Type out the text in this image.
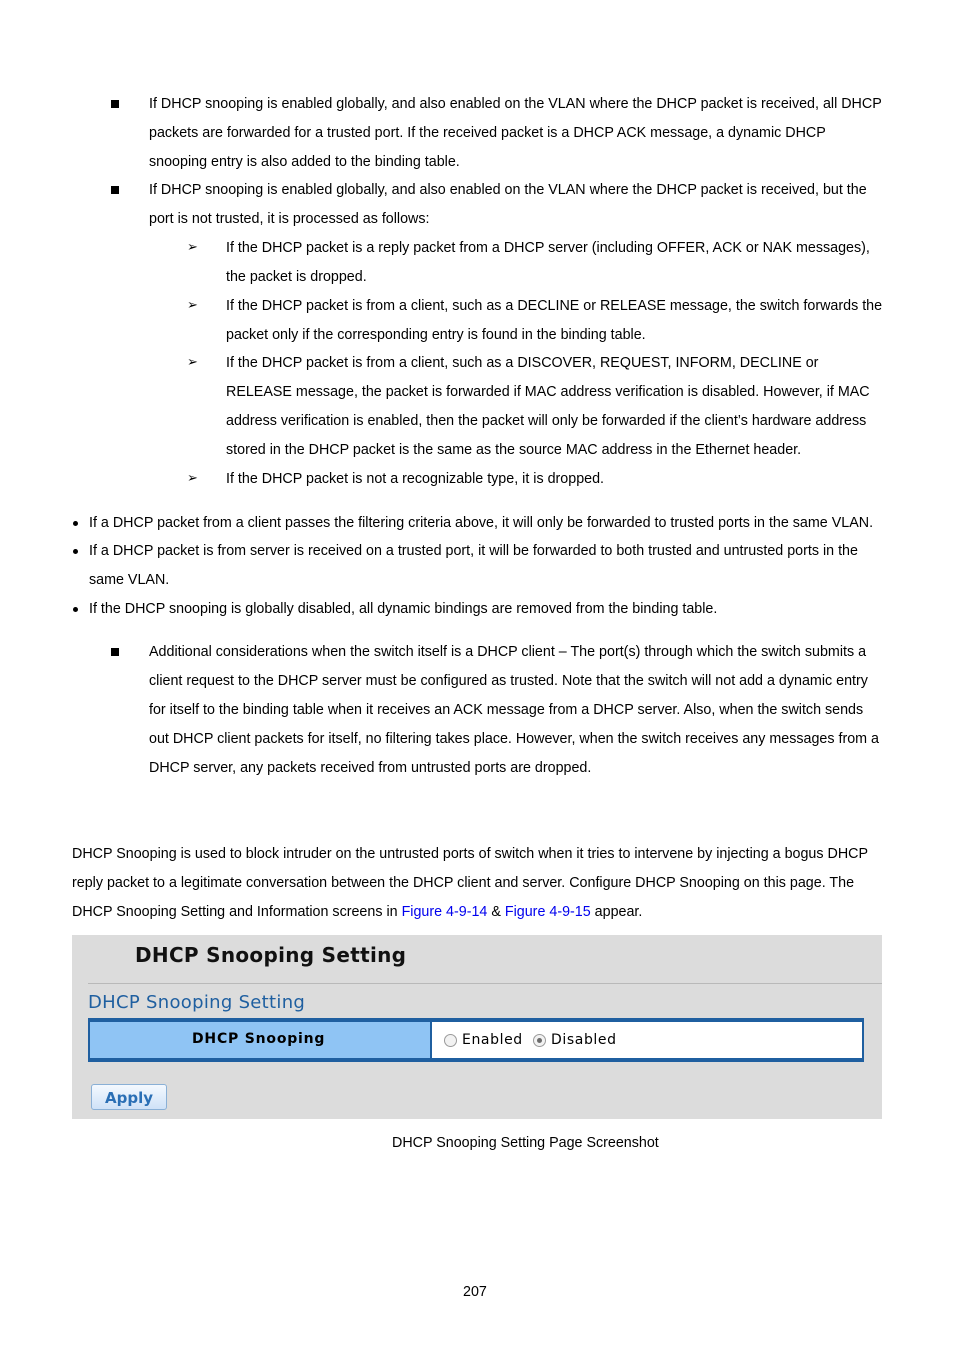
If DHCP snooping is enabled globally, and also enabled on the VLAN where the DHCP packet is received, all DHCP
packets are forwarded for a trusted port. If the received packet is a DHCP ACK message, a dynamic DHCP
snooping entry is also added to the binding table.
If DHCP snooping is enabled globally, and also enabled on the VLAN where the DHCP packet is received, but the
port is not trusted, it is processed as follows:
➢ If the DHCP packet is a reply packet from a DHCP server (including OFFER, ACK or NAK messages),
the packet is dropped.
➢ If the DHCP packet is from a client, such as a DECLINE or RELEASE message, the switch forwards the
packet only if the corresponding entry is found in the binding table.
➢ If the DHCP packet is from a client, such as a DISCOVER, REQUEST, INFORM, DECLINE or
RELEASE message, the packet is forwarded if MAC address verification is disabled. However, if MAC
address verification is enabled, then the packet will only be forwarded if the client’s hardware address
stored in the DHCP packet is the same as the source MAC address in the Ethernet header.
➢ If the DHCP packet is not a recognizable type, it is dropped.
If a DHCP packet from a client passes the filtering criteria above, it will only be forwarded to trusted ports in the same VLAN.
If a DHCP packet is from server is received on a trusted port, it will be forwarded to both trusted and untrusted ports in the
same VLAN.
If the DHCP snooping is globally disabled, all dynamic bindings are removed from the binding table.
Additional considerations when the switch itself is a DHCP client – The port(s) through which the switch submits a
client request to the DHCP server must be configured as trusted. Note that the switch will not add a dynamic entry
for itself to the binding table when it receives an ACK message from a DHCP server. Also, when the switch sends
out DHCP client packets for itself, no filtering takes place. However, when the switch receives any messages from a
DHCP server, any packets received from untrusted ports are dropped.
DHCP Snooping is used to block intruder on the untrusted ports of switch when it tries to intervene by injecting a bogus DHCP
reply packet to a legitimate conversation between the DHCP client and server. Configure DHCP Snooping on this page. The
DHCP Snooping Setting and Information screens in Figure 4-9-14 & Figure 4-9-15 appear.
DHCP Snooping Setting
DHCP Snooping Setting
DHCP Snooping	Enabled Disabled
Apply
DHCP Snooping Setting Page Screenshot
207
